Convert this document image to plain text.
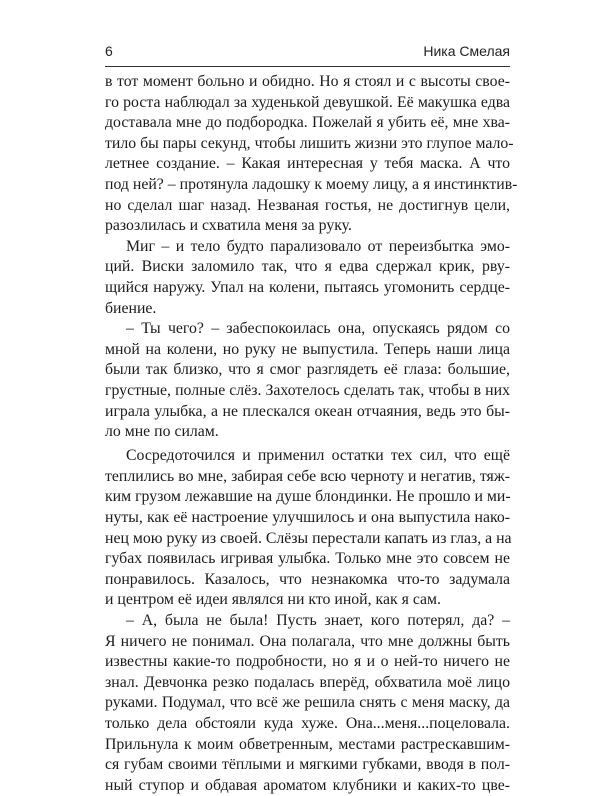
6	Ника Смелая
в тот момент больно и обидно. Но я стоял и с высоты свое-
го роста наблюдал за худенькой девушкой. Её макушка едва
доставала мне до подбородка. Пожелай я убить её, мне хва-
тило бы пары секунд, чтобы лишить жизни это глупое мало-
летнее создание. – Какая интересная у тебя маска. А что
под ней? – протянула ладошку к моему лицу, а я инстинктив-
но сделал шаг назад. Незваная гостья, не достигнув цели,
разозлилась и схватила меня за руку.
Миг – и тело будто парализовало от переизбытка эмо-
ций. Виски заломило так, что я едва сдержал крик, рву-
щийся наружу. Упал на колени, пытаясь угомонить сердцe-
биение.
– Ты чего? – забеспокоилась она, опускаясь рядом со
мной на колени, но руку не выпустила. Теперь наши лица
были так близко, что я смог разглядеть её глаза: большие,
грустные, полные слёз. Захотелось сделать так, чтобы в них
играла улыбка, а не плескался океан отчаяния, ведь это бы-
ло мне по силам.
Сосредоточился и применил остатки тех сил, что ещё
теплились во мне, забирая себе всю черноту и негатив, тяж-
ким грузом лежавшие на душе блондинки. Не прошло и ми-
нуты, как её настроение улучшилось и она выпустила нако-
нец мою руку из своей. Слёзы перестали капать из глаз, а на
губах появилась игривая улыбка. Только мне это совсем не
понравилось. Казалось, что незнакомка что-то задумала
и центром её идеи являлся ни кто иной, как я сам.
– А, была не была! Пусть знает, кого потерял, да? –
Я ничего не понимал. Она полагала, что мне должны быть
известны какие-то подробности, но я и о ней-то ничего не
знал. Девчонка резко подалась вперёд, обхватила моё лицо
руками. Подумал, что всё же решила снять с меня маску, да
только дела обстояли куда хуже. Она...меня...поцеловала.
Прильнула к моим обветренным, местами растрескавшим-
ся губам своими тёплыми и мягкими губками, вводя в пол-
ный ступор и обдавая ароматом клубники и каких-то цве-
